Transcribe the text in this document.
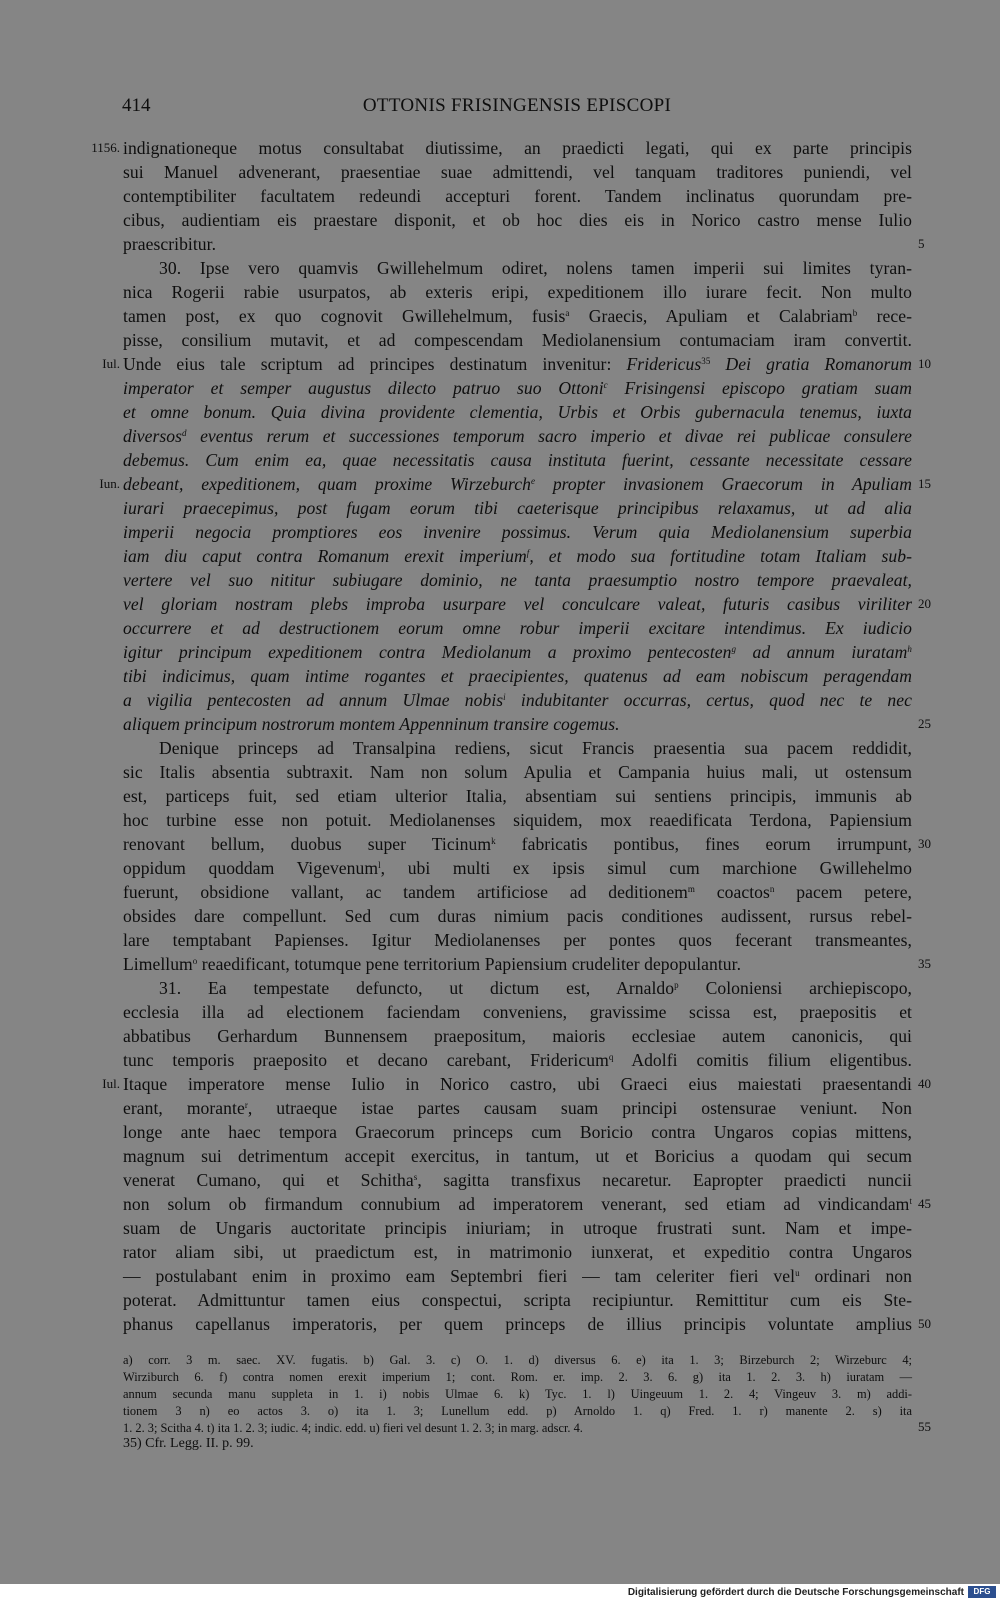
414	OTTONIS FRISINGENSIS EPISCOPI
1156.
Iul.
Iun.
Iul.
5
10
15
20
25
30
35
40
45
50
indignationeque motus consultabat diutissime, an praedicti legati, qui ex parte principis
sui Manuel advenerant, praesentiae suae admittendi, vel tanquam traditores puniendi, vel
contemptibiliter facultatem redeundi accepturi forent. Tandem inclinatus quorundam pre-
cibus, audientiam eis praestare disponit, et ob hoc dies eis in Norico castro mense Iulio
praescribitur.
30. Ipse vero quamvis Gwillehelmum odiret, nolens tamen imperii sui limites tyran-
nica Rogerii rabie usurpatos, ab exteris eripi, expeditionem illo iurare fecit. Non multo
tamen post, ex quo cognovit Gwillehelmum, fusis$^a$ Graecis, Apuliam et Calabriam$^b$ rece-
pisse, consilium mutavit, et ad compescendam Mediolanensium contumaciam iram convertit.
Unde eius tale scriptum ad principes destinatum invenitur: Fridericus$^{35}$ Dei gratia Romanorum
imperator et semper augustus dilecto patruo suo Ottoni$^c$ Frisingensi episcopo gratiam suam
et omne bonum. Quia divina providente clementia, Urbis et Orbis gubernacula tenemus, iuxta
diversos$^d$ eventus rerum et successiones temporum sacro imperio et divae rei publicae consulere
debemus. Cum enim ea, quae necessitatis causa instituta fuerint, cessante necessitate cessare
debeant, expeditionem, quam proxime Wirzeburch$^e$ propter invasionem Graecorum in Apuliam
iurari praecepimus, post fugam eorum tibi caeterisque principibus relaxamus, ut ad alia
imperii negocia promptiores eos invenire possimus. Verum quia Mediolanensium superbia
iam diu caput contra Romanum erexit imperium$^f$, et modo sua fortitudine totam Italiam sub-
vertere vel suo nititur subiugare dominio, ne tanta praesumptio nostro tempore praevaleat,
vel gloriam nostram plebs improba usurpare vel conculcare valeat, futuris casibus viriliter
occurrere et ad destructionem eorum omne robur imperii excitare intendimus. Ex iudicio
igitur principum expeditionem contra Mediolanum a proximo pentecosten$^g$ ad annum iuratam$^h$
tibi indicimus, quam intime rogantes et praecipientes, quatenus ad eam nobiscum peragendam
a vigilia pentecosten ad annum Ulmae nobis$^i$ indubitanter occurras, certus, quod nec te nec
aliquem principum nostrorum montem Appenninum transire cogemus.
Denique princeps ad Transalpina rediens, sicut Francis praesentia sua pacem reddidit,
sic Italis absentia subtraxit. Nam non solum Apulia et Campania huius mali, ut ostensum
est, particeps fuit, sed etiam ulterior Italia, absentiam sui sentiens principis, immunis ab
hoc turbine esse non potuit. Mediolanenses siquidem, mox reaedificata Terdona, Papiensium
renovant bellum, duobus super Ticinum$^k$ fabricatis pontibus, fines eorum irrumpunt,
oppidum quoddam Vigevenum$^l$, ubi multi ex ipsis simul cum marchione Gwillehelmo
fuerunt, obsidione vallant, ac tandem artificiose ad deditionem$^m$ coactos$^n$ pacem petere,
obsides dare compellunt. Sed cum duras nimium pacis conditiones audissent, rursus rebel-
lare temptabant Papienses. Igitur Mediolanenses per pontes quos fecerant transmeantes,
Limellum$^o$ reaedificant, totumque pene territorium Papiensium crudeliter depopulantur.
31. Ea tempestate defuncto, ut dictum est, Arnaldo$^p$ Coloniensi archiepiscopo,
ecclesia illa ad electionem faciendam conveniens, gravissime scissa est, praepositis et
abbatibus Gerhardum Bunnensem praepositum, maioris ecclesiae autem canonicis, qui
tunc temporis praeposito et decano carebant, Fridericum$^q$ Adolfi comitis filium eligentibus.
Itaque imperatore mense Iulio in Norico castro, ubi Graeci eius maiestati praesentandi
erant, morante$^r$, utraeque istae partes causam suam principi ostensurae veniunt. Non
longe ante haec tempora Graecorum princeps cum Boricio contra Ungaros copias mittens,
magnum sui detrimentum accepit exercitus, in tantum, ut et Boricius a quodam qui secum
venerat Cumano, qui et Schitha$^s$, sagitta transfixus necaretur. Eapropter praedicti nuncii
non solum ob firmandum connubium ad imperatorem venerant, sed etiam ad vindicandam$^t$
suam de Ungaris auctoritate principis iniuriam; in utroque frustrati sunt. Nam et impe-
rator aliam sibi, ut praedictum est, in matrimonio iunxerat, et expeditio contra Ungaros
— postulabant enim in proximo eam Septembri fieri — tam celeriter fieri vel$^u$ ordinari non
poterat. Admittuntur tamen eius conspectui, scripta recipiuntur. Remittitur cum eis Ste-
phanus capellanus imperatoris, per quem princeps de illius principis voluntate amplius
a) corr. 3 m. saec. XV. fugatis. b) Gal. 3. c) O. 1. d) diversus 6. e) ita 1. 3; Birzeburch 2; Wirzeburc 4;
Wirziburch 6. f) contra nomen erexit imperium 1; cont. Rom. er. imp. 2. 3. 6. g) ita 1. 2. 3. h) iuratam —
annum secunda manu suppleta in 1. i) nobis Ulmae 6. k) Tyc. 1. l) Uingeuum 1. 2. 4; Vingeuv 3. m) addi-
tionem 3 n) eo actos 3. o) ita 1. 3; Lunellum edd. p) Arnoldo 1. q) Fred. 1. r) manente 2. s) ita
1. 2. 3; Scitha 4. t) ita 1. 2. 3; iudic. 4; indic. edd. u) fieri vel desunt 1. 2. 3; in marg. adscr. 4.	55
35) Cfr. Legg. II. p. 99.
Digitalisierung gefördert durch die Deutsche Forschungsgemeinschaft	DFG
